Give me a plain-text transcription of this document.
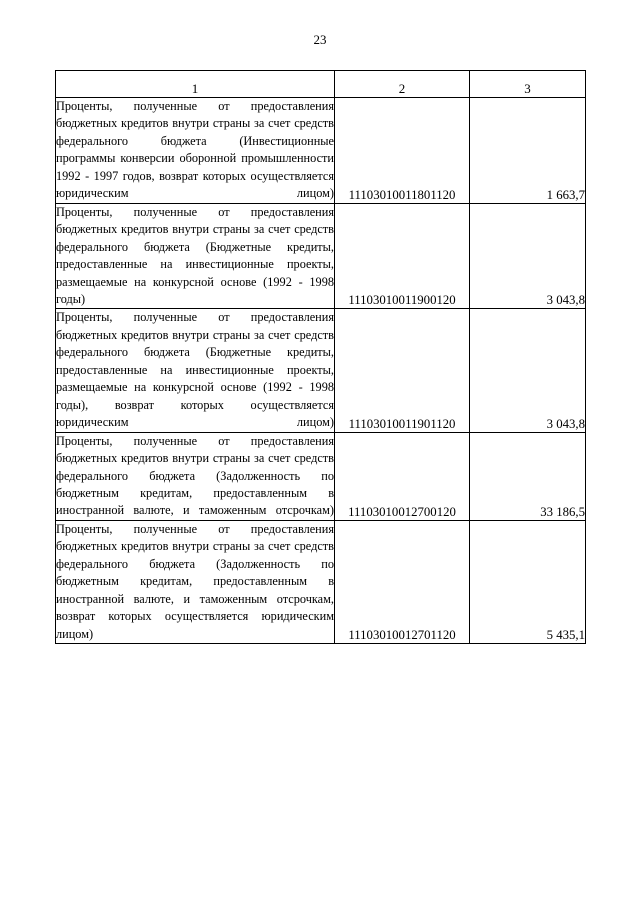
23
1	2	3
Проценты, полученные от предоставления бюджетных кредитов внутри страны за счет средств федерального бюджета (Инвестиционные программы конверсии оборонной промышленности 1992 - 1997 годов, возврат которых осуществляется юридическим лицом)	11103010011801120	1 663,7
Проценты, полученные от предоставления бюджетных кредитов внутри страны за счет средств федерального бюджета (Бюджетные кредиты, предоставленные на инвестиционные проекты, размещаемые на конкурсной основе (1992 - 1998 годы)	11103010011900120	3 043,8
Проценты, полученные от предоставления бюджетных кредитов внутри страны за счет средств федерального бюджета (Бюджетные кредиты, предоставленные на инвестиционные проекты, размещаемые на конкурсной основе (1992 - 1998 годы), возврат которых осуществляется юридическим лицом)	11103010011901120	3 043,8
Проценты, полученные от предоставления бюджетных кредитов внутри страны за счет средств федерального бюджета (Задолженность по бюджетным кредитам, предоставленным в иностранной валюте, и таможенным отсрочкам)	11103010012700120	33 186,5
Проценты, полученные от предоставления бюджетных кредитов внутри страны за счет средств федерального бюджета (Задолженность по бюджетным кредитам, предоставленным в иностранной валюте, и таможенным отсрочкам, возврат которых осуществляется юридическим лицом)	11103010012701120	5 435,1
